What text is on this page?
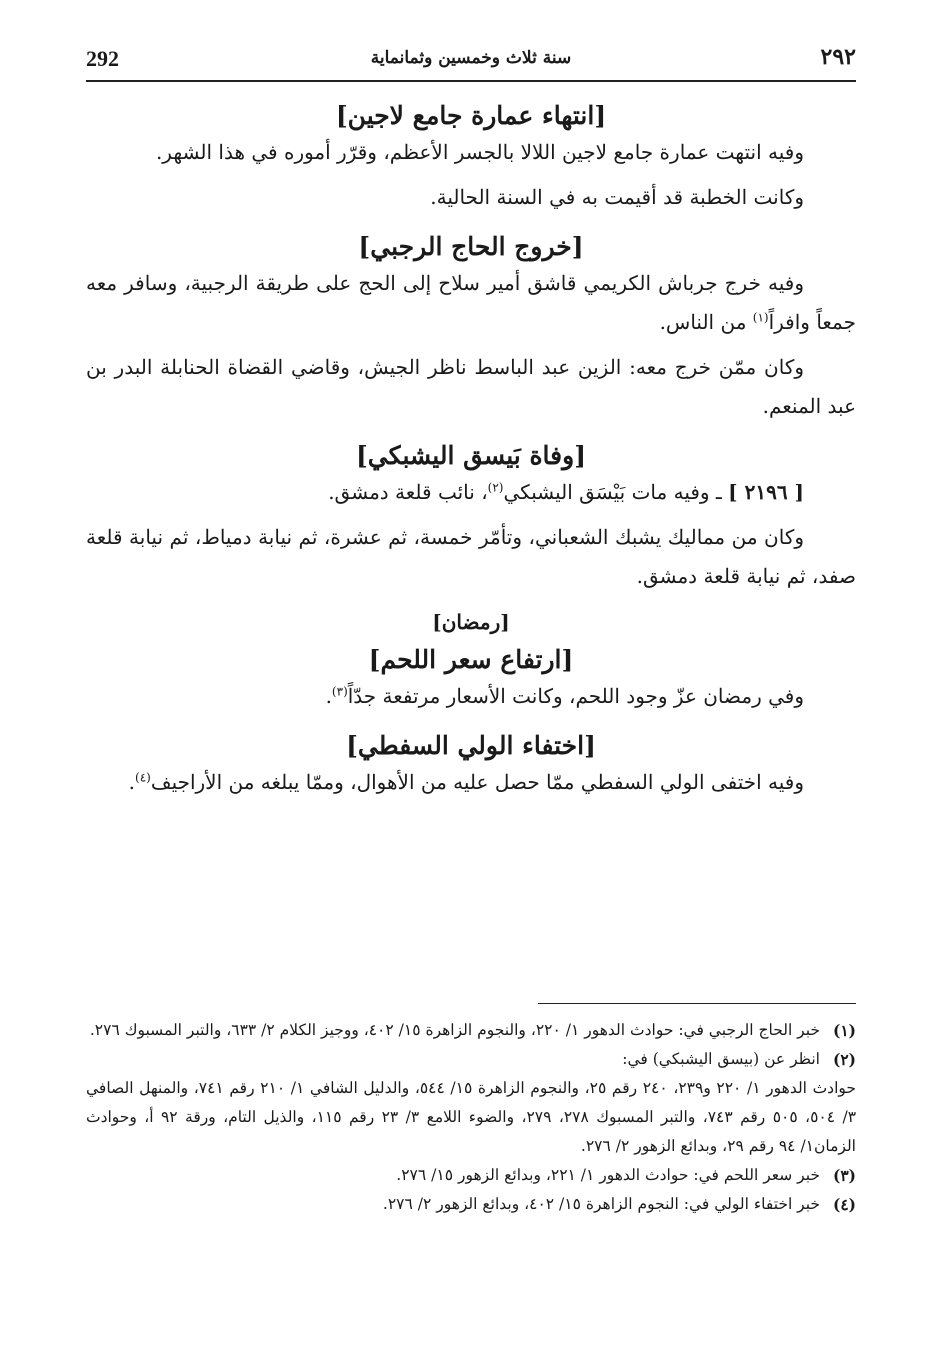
292	سنة ثلاث وخمسين وثمانماية	٢٩٢
[انتهاء عمارة جامع لاجين]

وفيه انتهت عمارة جامع لاجين اللالا بالجسر الأعظم، وقرّر أموره في هذا الشهر.

وكانت الخطبة قد أقيمت به في السنة الحالية.

[خروج الحاج الرجبي]

وفيه خرج جرباش الكريمي قاشق أمير سلاح إلى الحج على طريقة الرجبية، وسافر معه جمعاً وافراً$^{(١)}$ من الناس.

وكان ممّن خرج معه: الزين عبد الباسط ناظر الجيش، وقاضي القضاة الحنابلة البدر بن عبد المنعم.

[وفاة بَيسق اليشبكي]

[ ٢١٩٦ ] ـ وفيه مات بَيْسَق اليشبكي$^{(٢)}$، نائب قلعة دمشق.

وكان من مماليك يشبك الشعباني، وتأمّر خمسة، ثم عشرة، ثم نيابة دمياط، ثم نيابة قلعة صفد، ثم نيابة قلعة دمشق.

[رمضان]
[ارتفاع سعر اللحم]

وفي رمضان عزّ وجود اللحم، وكانت الأسعار مرتفعة جدّاً$^{(٣)}$.

[اختفاء الولي السفطي]

وفيه اختفى الولي السفطي ممّا حصل عليه من الأهوال، وممّا يبلغه من الأراجيف$^{(٤)}$.

(١)
خبر الحاج الرجبي في: حوادث الدهور ١/ ٢٢٠، والنجوم الزاهرة ١٥/ ٤٠٢، ووجيز الكلام ٢/ ٦٣٣، والتبر المسبوك ٢٧٦.
(٢)
انظر عن (بيسق اليشبكي) في:
حوادث الدهور ١/ ٢٢٠ و٢٣٩، ٢٤٠ رقم ٢٥، والنجوم الزاهرة ١٥/ ٥٤٤، والدليل الشافي ١/ ٢١٠ رقم ٧٤١، والمنهل الصافي ٣/ ٥٠٤، ٥٠٥ رقم ٧٤٣، والتبر المسبوك ٢٧٨، ٢٧٩، والضوء اللامع ٣/ ٢٣ رقم ١١٥، والذيل التام، ورقة ٩٢ أ، وحوادث الزمان١/ ٩٤ رقم ٢٩، وبدائع الزهور ٢/ ٢٧٦.
(٣)
خبر سعر اللحم في: حوادث الدهور ١/ ٢٢١، وبدائع الزهور ١٥/ ٢٧٦.
(٤)
خبر اختفاء الولي في: النجوم الزاهرة ١٥/ ٤٠٢، وبدائع الزهور ٢/ ٢٧٦.
